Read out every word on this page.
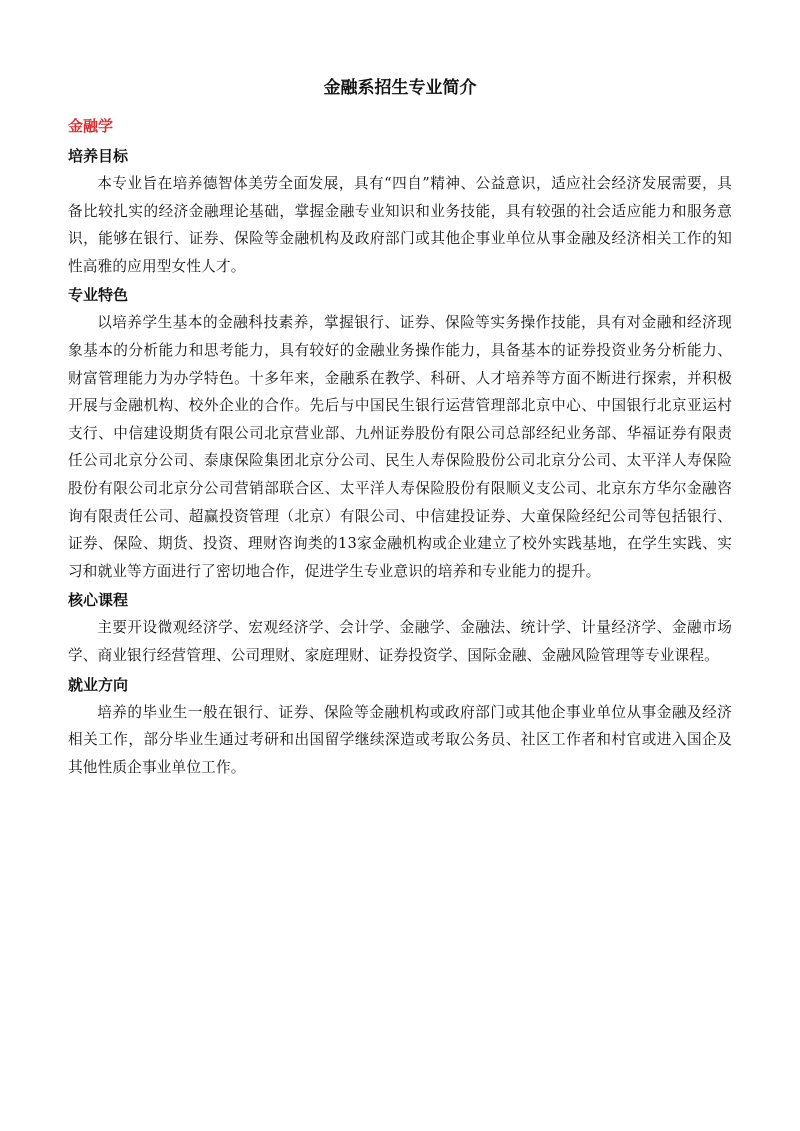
金融系招生专业简介
金融学
培养目标

本专业旨在培养德智体美劳全面发展，具有“四自”精神、公益意识，适应社会经济发展需要，具备比较扎实的经济金融理论基础，掌握金融专业知识和业务技能，具有较强的社会适应能力和服务意识，能够在银行、证券、保险等金融机构及政府部门或其他企事业单位从事金融及经济相关工作的知性高雅的应用型女性人才。

专业特色

以培养学生基本的金融科技素养，掌握银行、证券、保险等实务操作技能，具有对金融和经济现象基本的分析能力和思考能力，具有较好的金融业务操作能力，具备基本的证券投资业务分析能力、财富管理能力为办学特色。十多年来，金融系在教学、科研、人才培养等方面不断进行探索，并积极开展与金融机构、校外企业的合作。先后与中国民生银行运营管理部北京中心、中国银行北京亚运村支行、中信建设期货有限公司北京营业部、九州证券股份有限公司总部经纪业务部、华福证券有限责任公司北京分公司、泰康保险集团北京分公司、民生人寿保险股份公司北京分公司、太平洋人寿保险股份有限公司北京分公司营销部联合区、太平洋人寿保险股份有限顺义支公司、北京东方华尔金融咨询有限责任公司、超赢投资管理（北京）有限公司、中信建投证券、大童保险经纪公司等包括银行、证券、保险、期货、投资、理财咨询类的13家金融机构或企业建立了校外实践基地，在学生实践、实习和就业等方面进行了密切地合作，促进学生专业意识的培养和专业能力的提升。

核心课程

主要开设微观经济学、宏观经济学、会计学、金融学、金融法、统计学、计量经济学、金融市场学、商业银行经营管理、公司理财、家庭理财、证券投资学、国际金融、金融风险管理等专业课程。

就业方向

培养的毕业生一般在银行、证券、保险等金融机构或政府部门或其他企事业单位从事金融及经济相关工作，部分毕业生通过考研和出国留学继续深造或考取公务员、社区工作者和村官或进入国企及其他性质企事业单位工作。
